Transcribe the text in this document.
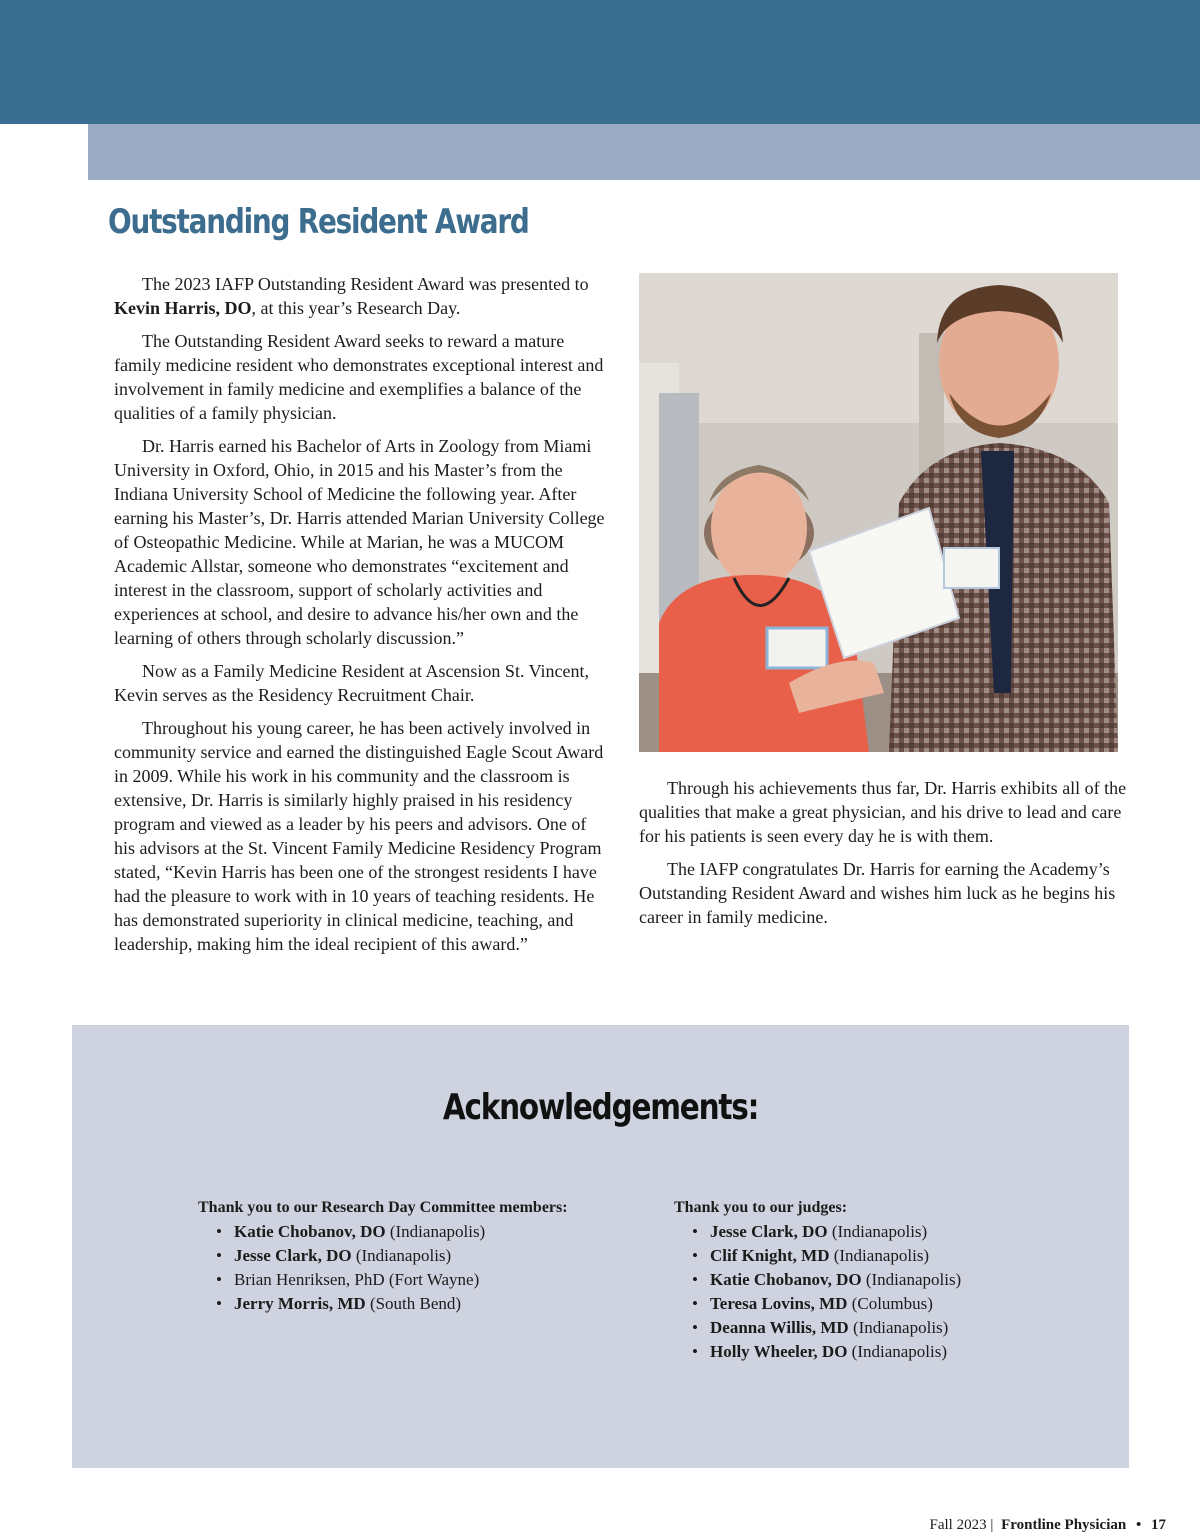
Outstanding Resident Award

The 2023 IAFP Outstanding Resident Award was presented to Kevin Harris, DO, at this year’s Research Day.

The Outstanding Resident Award seeks to reward a mature family medicine resident who demonstrates exceptional interest and involvement in family medicine and exemplifies a balance of the qualities of a family physician.

Dr. Harris earned his Bachelor of Arts in Zoology from Miami University in Oxford, Ohio, in 2015 and his Master’s from the Indiana University School of Medicine the following year. After earning his Master’s, Dr. Harris attended Marian University College of Osteopathic Medicine. While at Marian, he was a MUCOM Academic Allstar, someone who demonstrates “excitement and interest in the classroom, support of scholarly activities and experiences at school, and desire to advance his/her own and the learning of others through scholarly discussion.”

Now as a Family Medicine Resident at Ascension St. Vincent, Kevin serves as the Residency Recruitment Chair.

Throughout his young career, he has been actively involved in community service and earned the distinguished Eagle Scout Award in 2009. While his work in his community and the classroom is extensive, Dr. Harris is similarly highly praised in his residency program and viewed as a leader by his peers and advisors. One of his advisors at the St. Vincent Family Medicine Residency Program stated, “Kevin Harris has been one of the strongest residents I have had the pleasure to work with in 10 years of teaching residents. He has demonstrated superiority in clinical medicine, teaching, and leadership, making him the ideal recipient of this award.”

Through his achievements thus far, Dr. Harris exhibits all of the qualities that make a great physician, and his drive to lead and care for his patients is seen every day he is with them.

The IAFP congratulates Dr. Harris for earning the Academy’s Outstanding Resident Award and wishes him luck as he begins his career in family medicine.

Acknowledgements:

Thank you to our Research Day Committee members:

• Katie Chobanov, DO (Indianapolis)
• Jesse Clark, DO (Indianapolis)
• Brian Henriksen, PhD (Fort Wayne)
• Jerry Morris, MD (South Bend)

Thank you to our judges:

• Jesse Clark, DO (Indianapolis)
• Clif Knight, MD (Indianapolis)
• Katie Chobanov, DO (Indianapolis)
• Teresa Lovins, MD (Columbus)
• Deanna Willis, MD (Indianapolis)
• Holly Wheeler, DO (Indianapolis)
Fall 2023 | Frontline Physician • 17
